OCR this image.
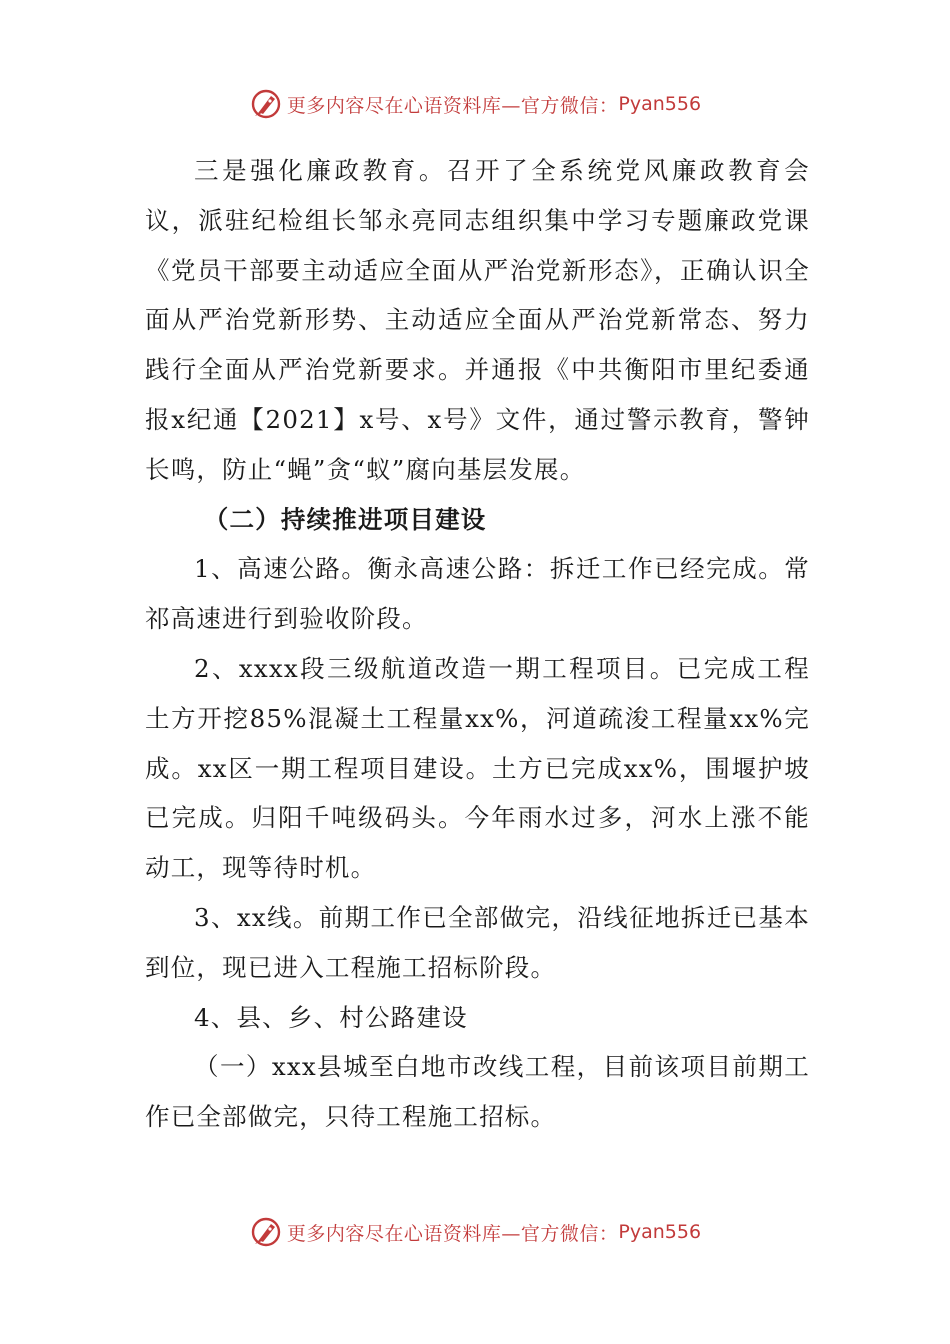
更多内容尽在心语资料库—官方微信： Pyan556

三是强化廉政教育。召开了全系统党风廉政教育会议，派驻纪检组长邹永亮同志组织集中学习专题廉政党课《党员干部要主动适应全面从严治党新形态》，正确认识全面从严治党新形势、主动适应全面从严治党新常态、努力践行全面从严治党新要求。并通报《中共衡阳市里纪委通报x纪通【2021】x号、x号》文件，通过警示教育，警钟长鸣，防止“蝇”贪“蚁”腐向基层发展。

（二）持续推进项目建设

1、高速公路。衡永高速公路：拆迁工作已经完成。常祁高速进行到验收阶段。

2、xxxx段三级航道改造一期工程项目。已完成工程土方开挖85%混凝土工程量xx%，河道疏浚工程量xx%完成。xx区一期工程项目建设。土方已完成xx%，围堰护坡已完成。归阳千吨级码头。今年雨水过多，河水上涨不能动工，现等待时机。

3、xx线。前期工作已全部做完，沿线征地拆迁已基本到位，现已进入工程施工招标阶段。

4、县、乡、村公路建设

（一）xxx县城至白地市改线工程，目前该项目前期工作已全部做完，只待工程施工招标。

更多内容尽在心语资料库—官方微信： Pyan556
